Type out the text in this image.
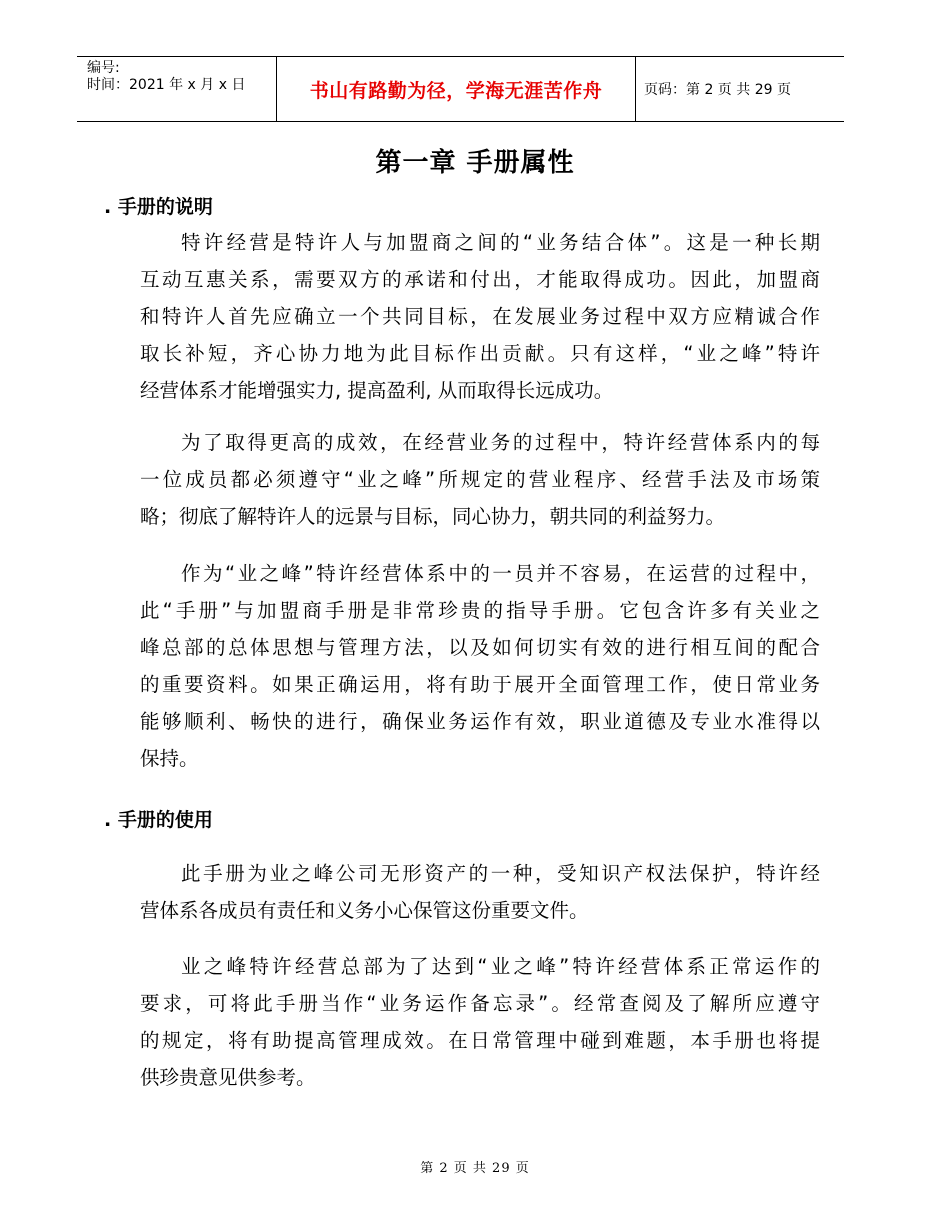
编号:
时间：2021 年 x 月 x 日	书山有路勤为径，学海无涯苦作舟	页码：第 2 页 共 29 页
第一章 手册属性
. 手册的说明
特许经营是特许人与加盟商之间的“业务结合体”。这是一种长期
互动互惠关系，需要双方的承诺和付出，才能取得成功。因此，加盟商
和特许人首先应确立一个共同目标，在发展业务过程中双方应精诚合作
取长补短，齐心协力地为此目标作出贡献。只有这样，“业之峰”特许
经营体系才能增强实力, 提高盈利, 从而取得长远成功。
为了取得更高的成效，在经营业务的过程中，特许经营体系内的每
一位成员都必须遵守“业之峰”所规定的营业程序、经营手法及市场策
略；彻底了解特许人的远景与目标，同心协力，朝共同的利益努力。
作为“业之峰”特许经营体系中的一员并不容易，在运营的过程中，
此“手册”与加盟商手册是非常珍贵的指导手册。它包含许多有关业之
峰总部的总体思想与管理方法，以及如何切实有效的进行相互间的配合
的重要资料。如果正确运用，将有助于展开全面管理工作，使日常业务
能够顺利、畅快的进行，确保业务运作有效，职业道德及专业水准得以
保持。
. 手册的使用
此手册为业之峰公司无形资产的一种，受知识产权法保护，特许经
营体系各成员有责任和义务小心保管这份重要文件。
业之峰特许经营总部为了达到“业之峰”特许经营体系正常运作的
要求，可将此手册当作“业务运作备忘录”。经常查阅及了解所应遵守
的规定，将有助提高管理成效。在日常管理中碰到难题，本手册也将提
供珍贵意见供参考。
第 2 页 共 29 页
